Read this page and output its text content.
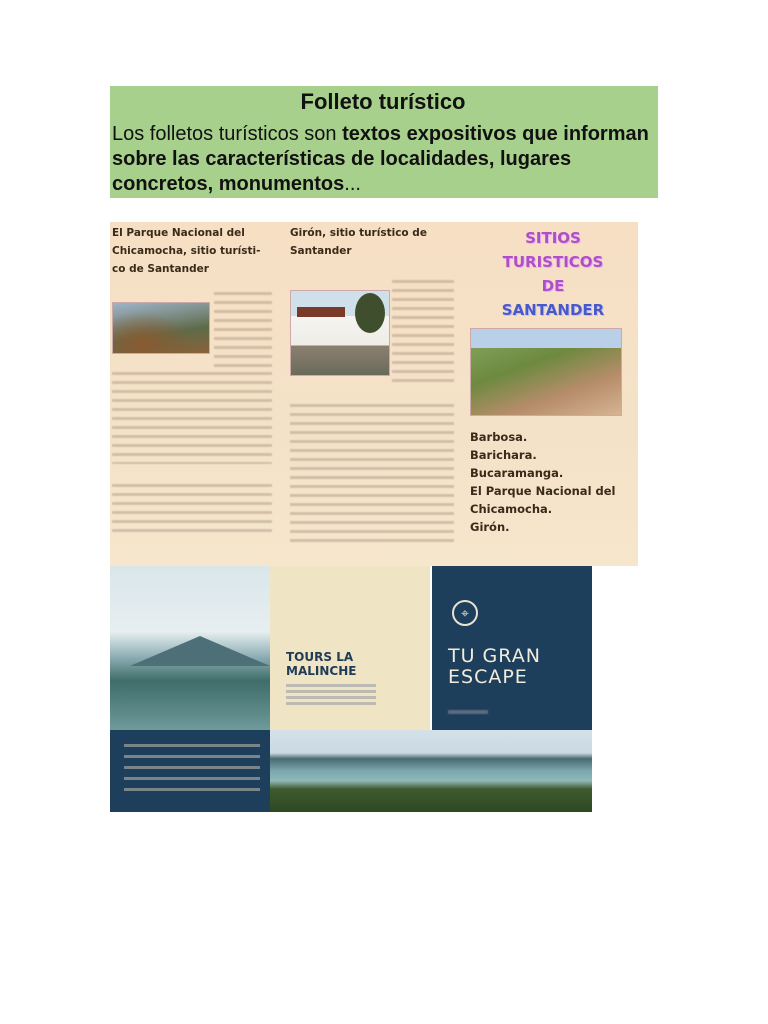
Folleto turístico

Los folletos turísticos son textos expositivos que informan sobre las características de localidades, lugares concretos, monumentos...

El Parque Nacional del Chicamocha, sitio turísti-co de Santander
Girón, sitio turístico de Santander
SITIOS
TURISTICOS
DE
SANTANDER
Barbosa.
Barichara.
Bucaramanga.
El Parque Nacional del Chicamocha.
Girón.
TOURS LA MALINCHE
⌖
TU GRAN ESCAPE
